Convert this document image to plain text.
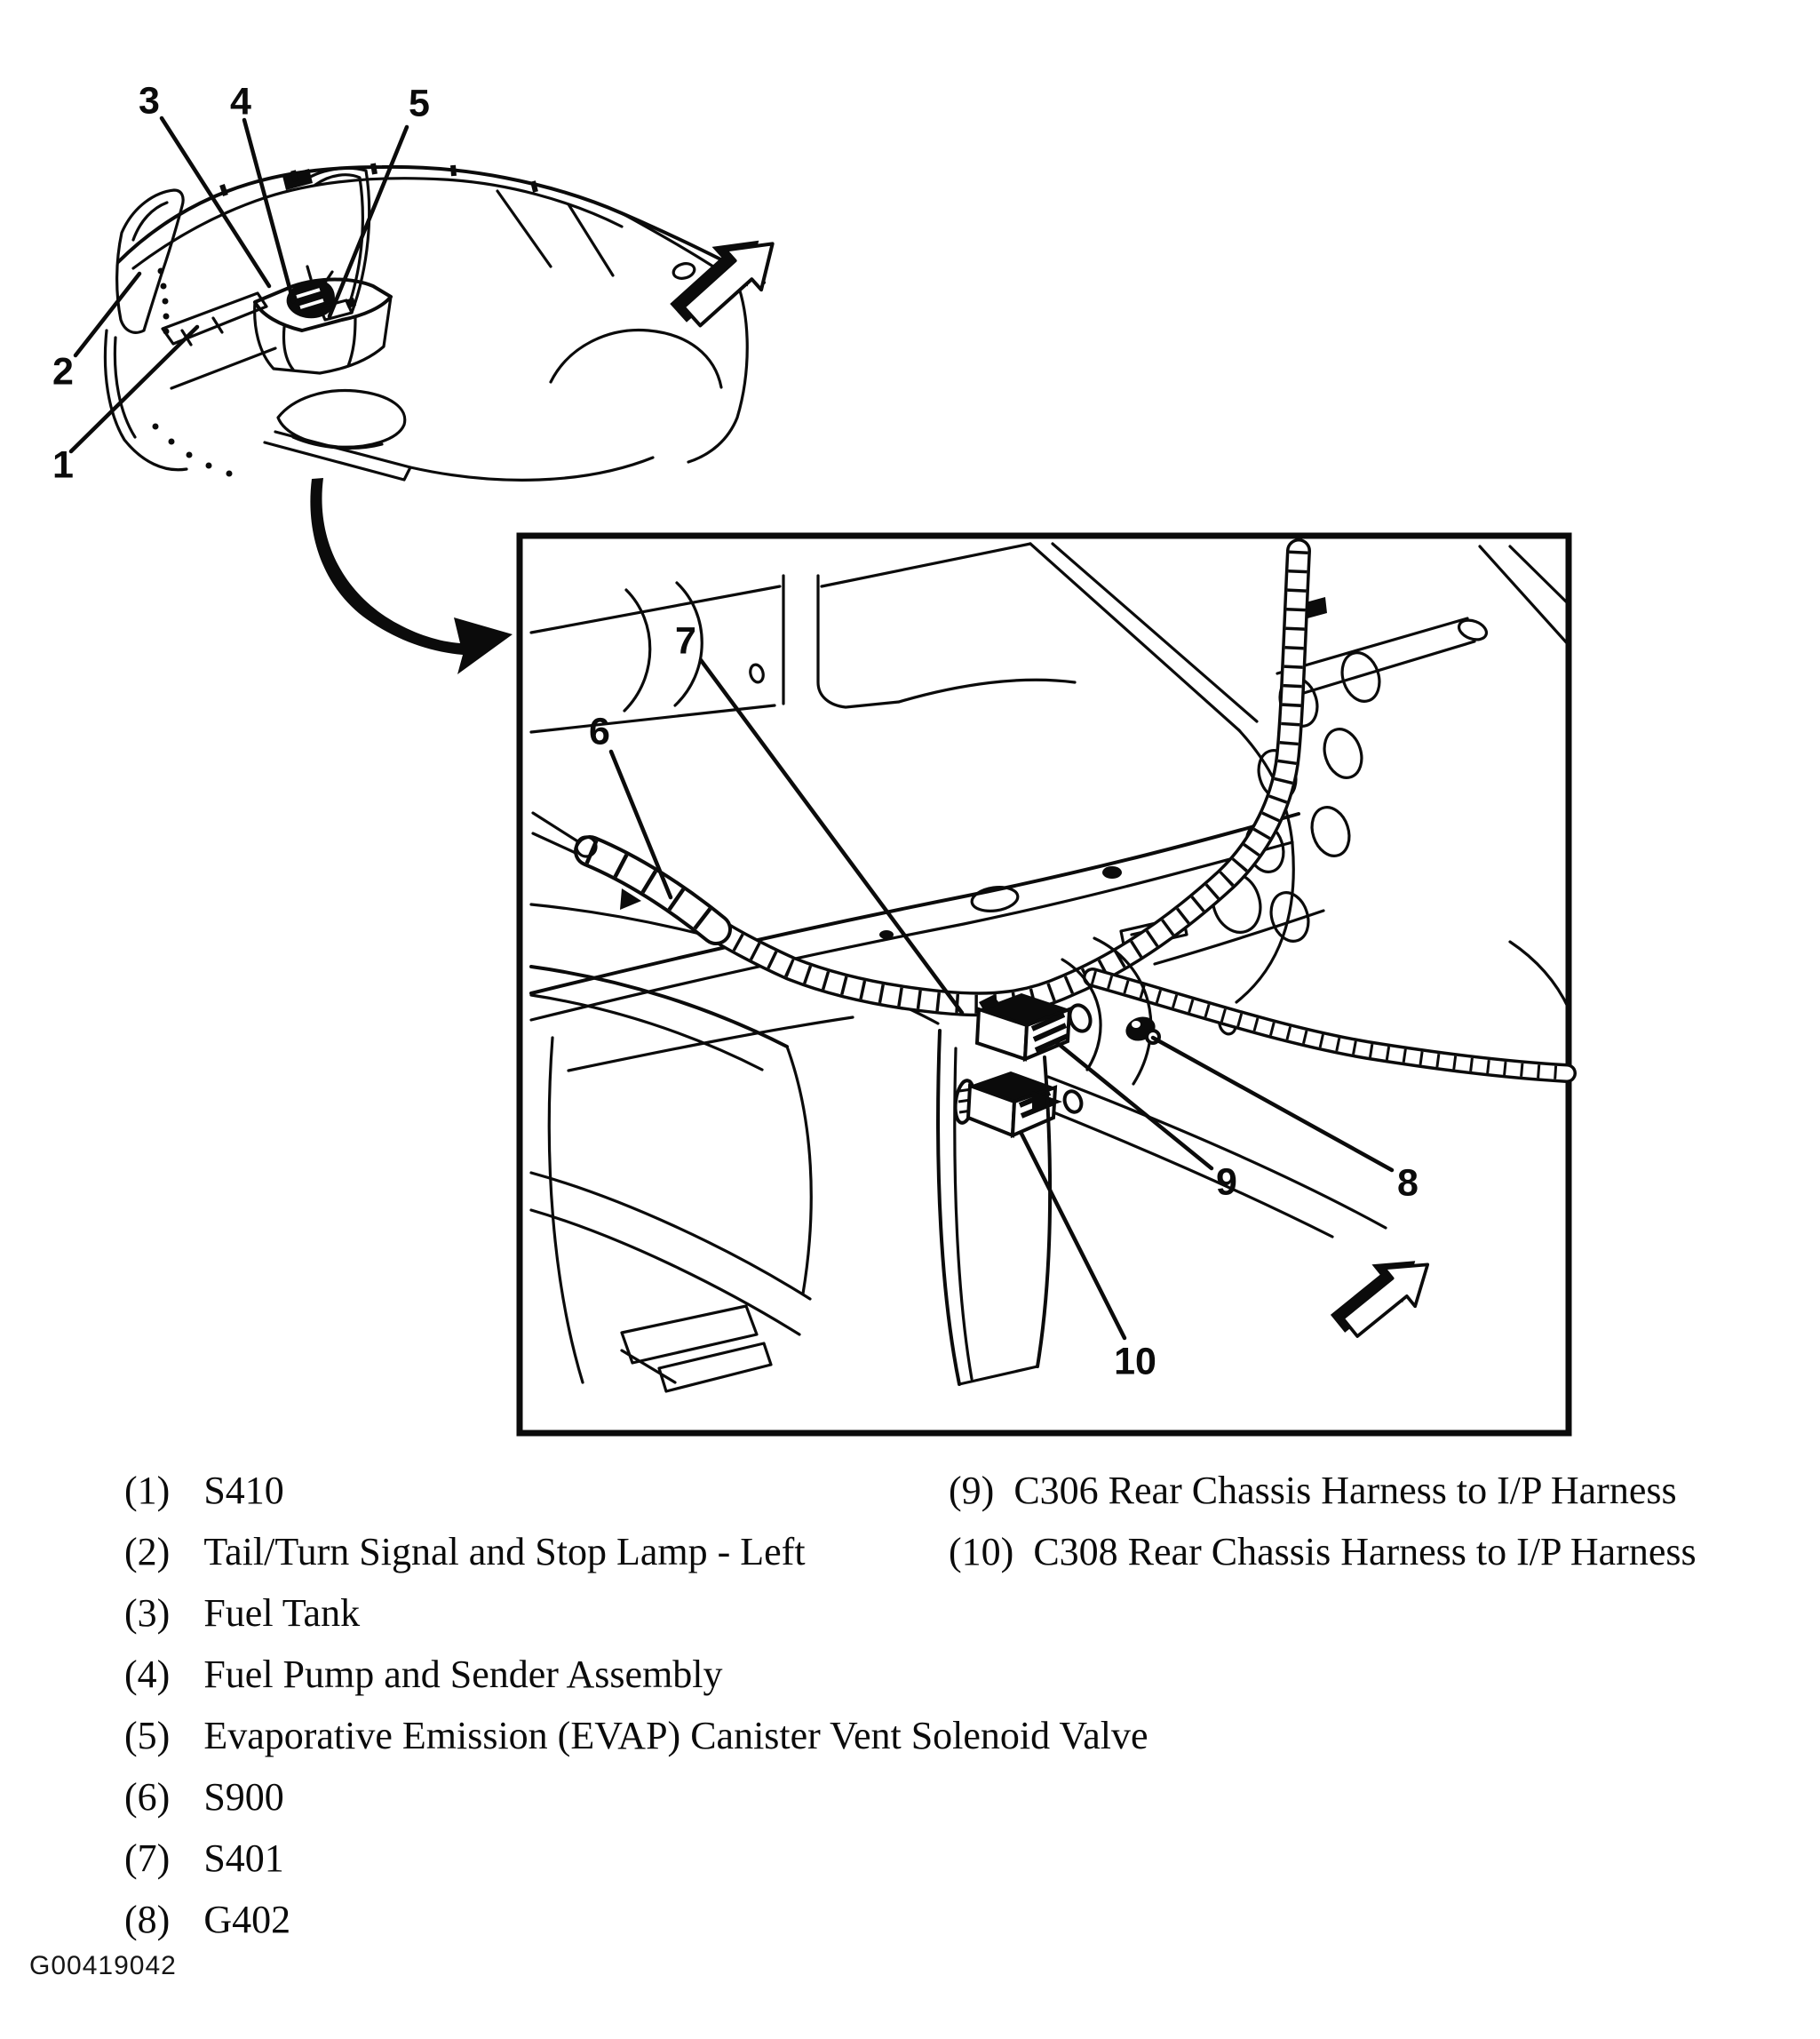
1
2
3 4	5
6
7
8
9
10
(1) S410
(2) Tail/Turn Signal and Stop Lamp - Left
(3) Fuel Tank
(4) Fuel Pump and Sender Assembly
(5) Evaporative Emission (EVAP) Canister Vent Solenoid Valve
(6) S900
(7) S401
(8) G402
(9) C306 Rear Chassis Harness to I/P Harness
(10) C308 Rear Chassis Harness to I/P Harness
G00419042
